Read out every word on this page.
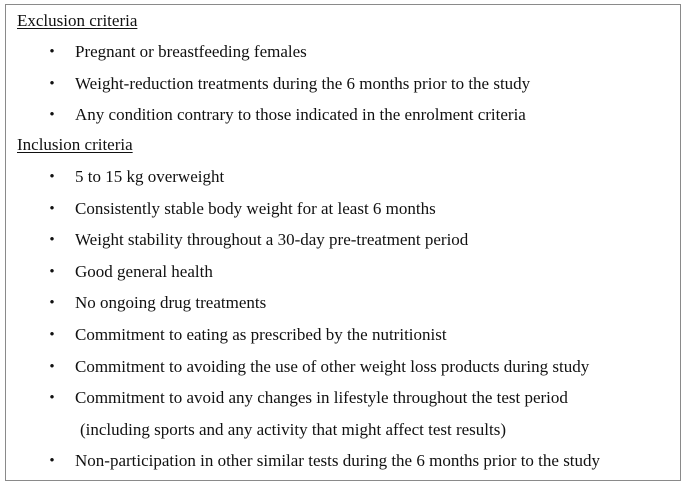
Exclusion criteria
• Pregnant or breastfeeding females
• Weight-reduction treatments during the 6 months prior to the study
• Any condition contrary to those indicated in the enrolment criteria
Inclusion criteria
• 5 to 15 kg overweight
• Consistently stable body weight for at least 6 months
• Weight stability throughout a 30-day pre-treatment period
• Good general health
• No ongoing drug treatments
• Commitment to eating as prescribed by the nutritionist
• Commitment to avoiding the use of other weight loss products during study
• Commitment to avoid any changes in lifestyle throughout the test period
(including sports and any activity that might affect test results)
• Non-participation in other similar tests during the 6 months prior to the study
